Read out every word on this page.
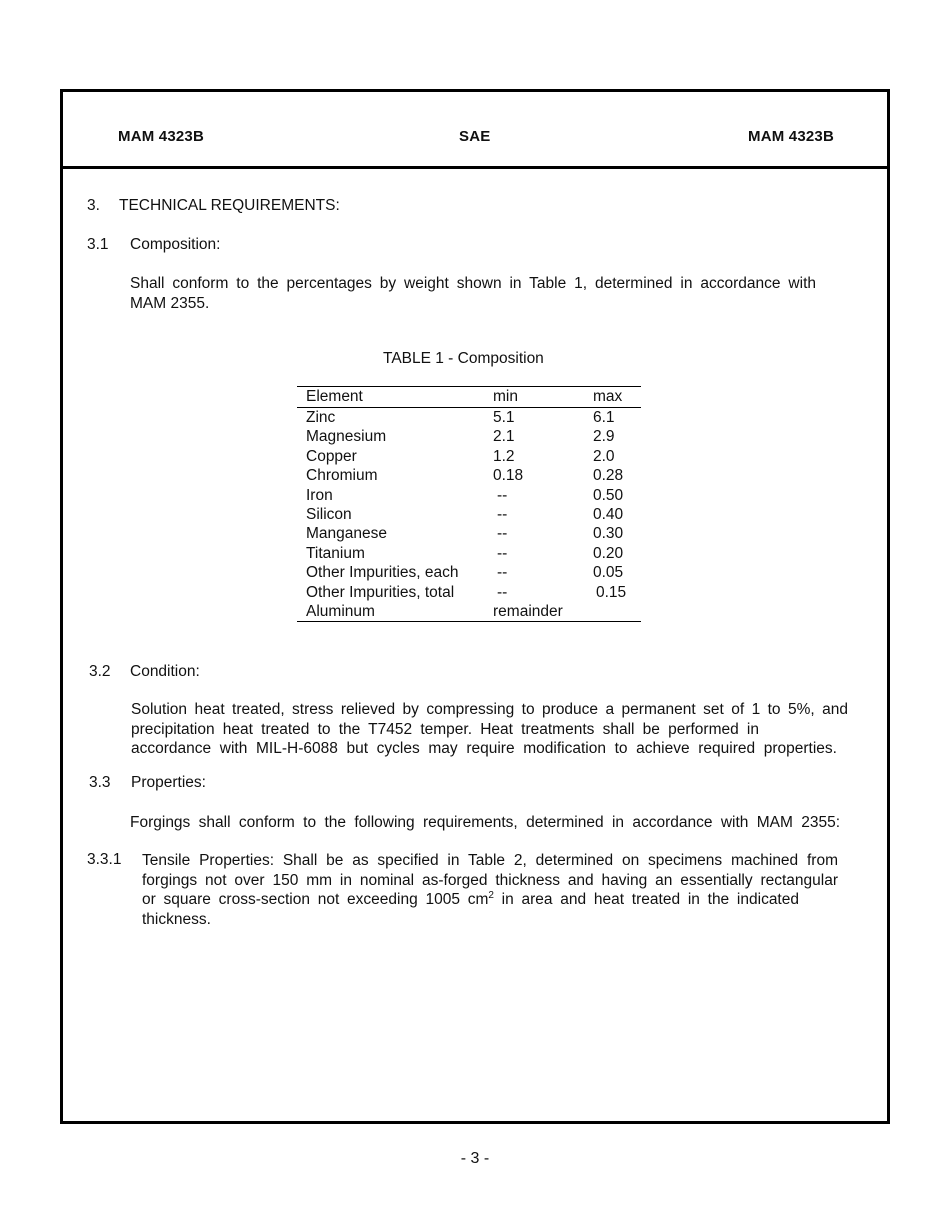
MAM 4323B	SAE	MAM 4323B
3. TECHNICAL REQUIREMENTS:
3.1 Composition:
Shall conform to the percentages by weight shown in Table 1, determined in accordance with
MAM 2355.
TABLE 1 - Composition
Element	min	max
Zinc	5.1	6.1
Magnesium	2.1	2.9
Copper	1.2	2.0
Chromium	0.18	0.28
Iron	--	0.50
Silicon	--	0.40
Manganese	--	0.30
Titanium	--	0.20
Other Impurities, each --	0.05
Other Impurities, total	--	0.15
Aluminum	remainder
3.2 Condition:
Solution heat treated, stress relieved by compressing to produce a permanent set of 1 to 5%, and
precipitation heat treated to the T7452 temper. Heat treatments shall be performed in
accordance with MIL-H-6088 but cycles may require modification to achieve required properties.
3.3 Properties:
Forgings shall conform to the following requirements, determined in accordance with MAM 2355:
3.3.1 Tensile Properties: Shall be as specified in Table 2, determined on specimens machined from
forgings not over 150 mm in nominal as-forged thickness and having an essentially rectangular
or square cross-section not exceeding 1005 $cm^2$ in area and heat treated in the indicated
thickness.
- 3 -
